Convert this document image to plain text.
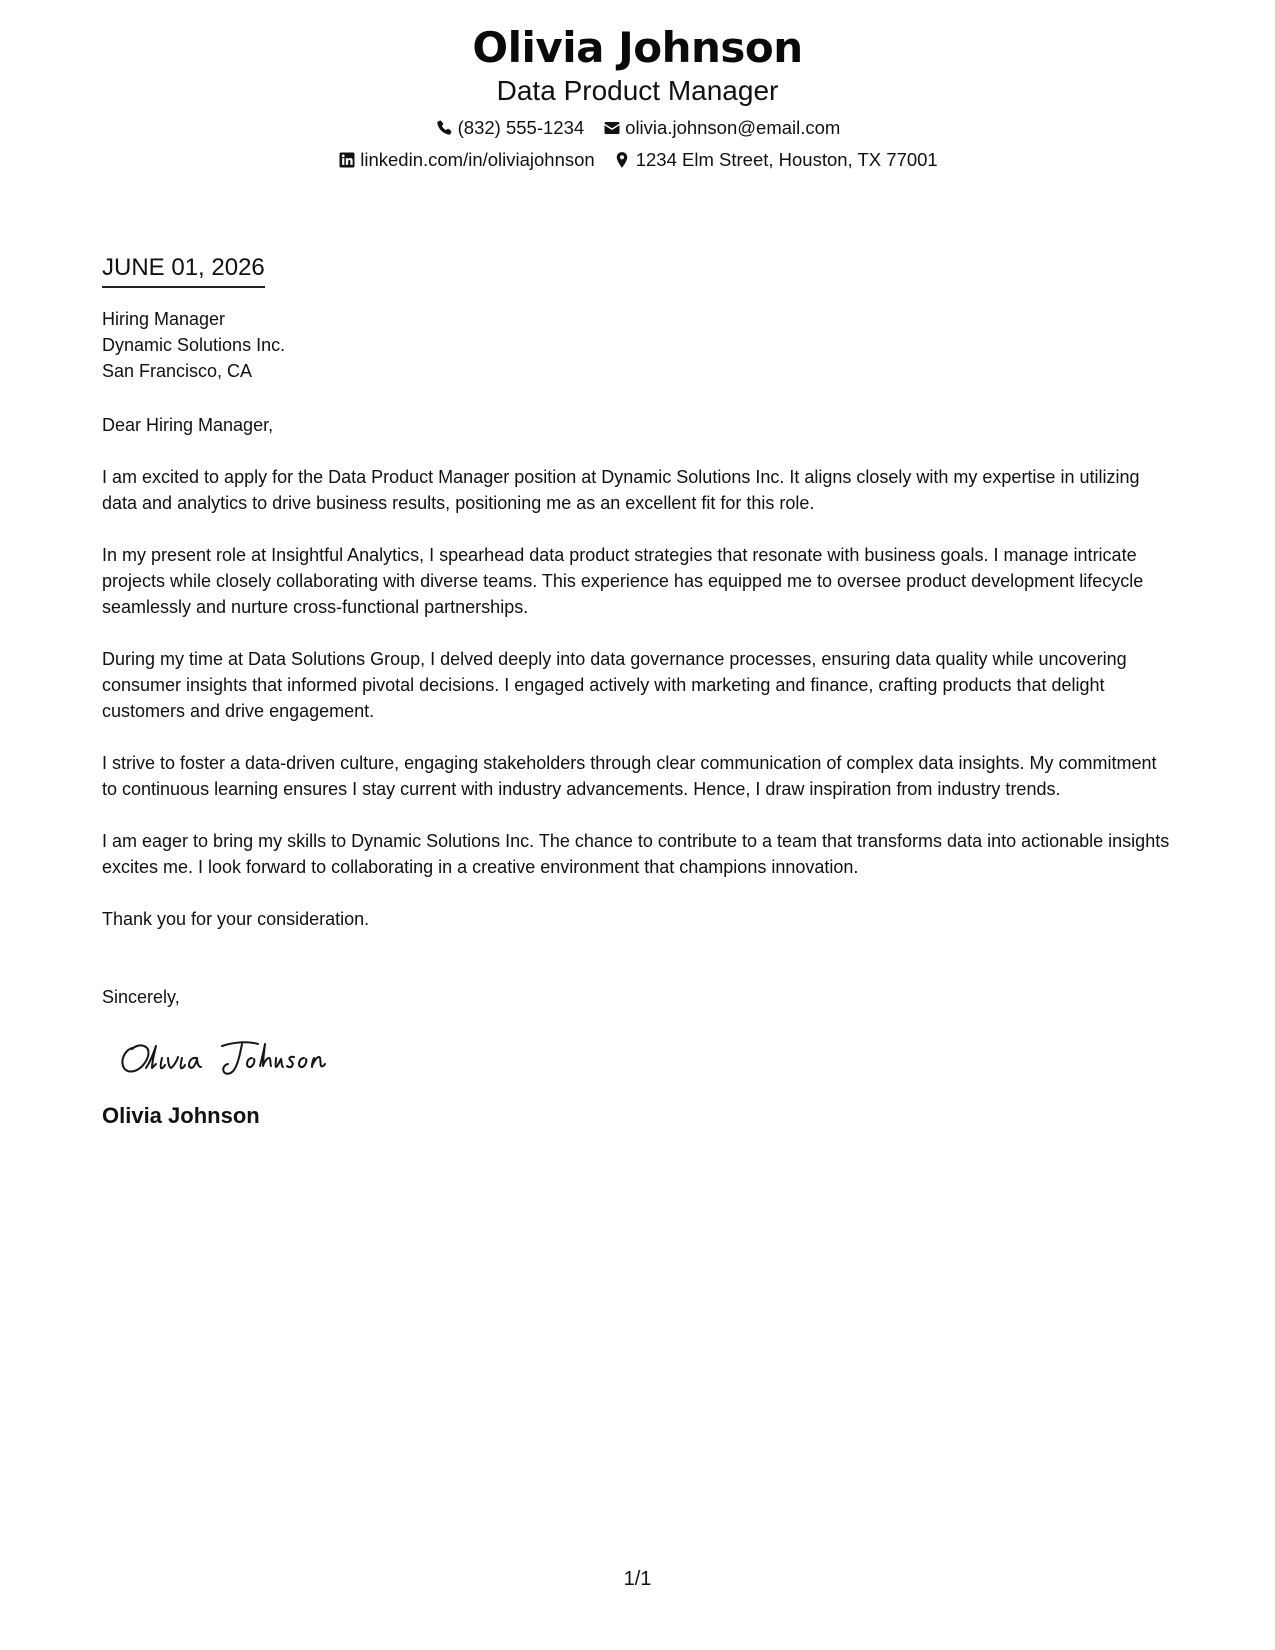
Olivia Johnson
Data Product Manager
(832) 555-1234 olivia.johnson@email.com
linkedin.com/in/oliviajohnson 1234 Elm Street, Houston, TX 77001
JUNE 01, 2026
Hiring Manager
Dynamic Solutions Inc.
San Francisco, CA
Dear Hiring Manager,
I am excited to apply for the Data Product Manager position at Dynamic Solutions Inc. It aligns closely with my expertise in utilizing data and analytics to drive business results, positioning me as an excellent fit for this role.
In my present role at Insightful Analytics, I spearhead data product strategies that resonate with business goals. I manage intricate projects while closely collaborating with diverse teams. This experience has equipped me to oversee product development lifecycle seamlessly and nurture cross-functional partnerships.
During my time at Data Solutions Group, I delved deeply into data governance processes, ensuring data quality while uncovering consumer insights that informed pivotal decisions. I engaged actively with marketing and finance, crafting products that delight customers and drive engagement.
I strive to foster a data-driven culture, engaging stakeholders through clear communication of complex data insights. My commitment to continuous learning ensures I stay current with industry advancements. Hence, I draw inspiration from industry trends.
I am eager to bring my skills to Dynamic Solutions Inc. The chance to contribute to a team that transforms data into actionable insights excites me. I look forward to collaborating in a creative environment that champions innovation.
Thank you for your consideration.
Sincerely,
Olivia Johnson
1/1
